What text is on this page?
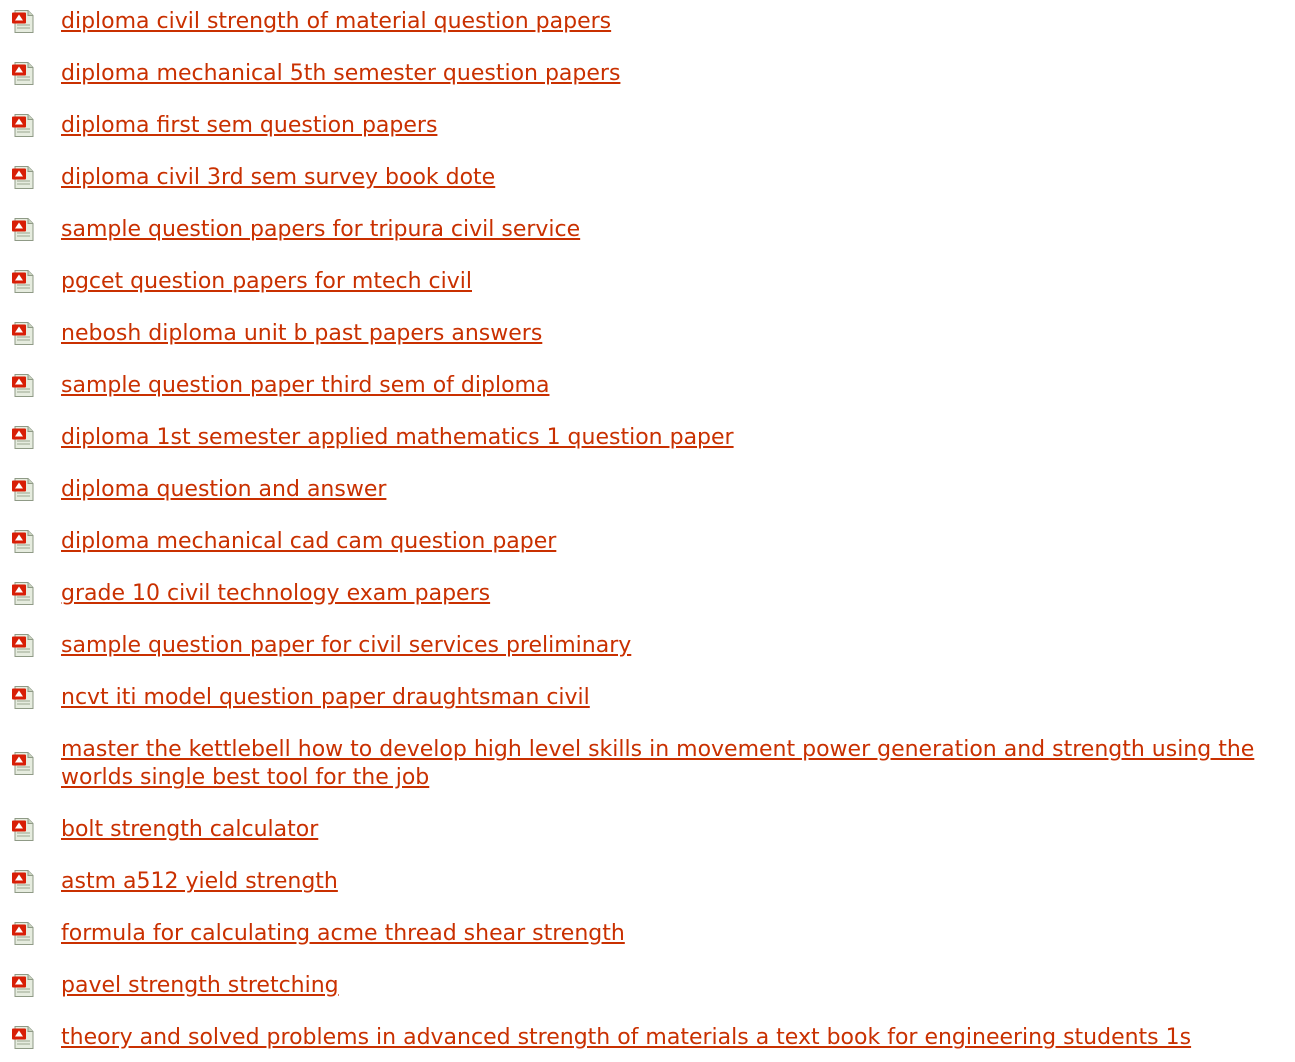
diploma civil strength of material question papers
diploma mechanical 5th semester question papers
diploma first sem question papers
diploma civil 3rd sem survey book dote
sample question papers for tripura civil service
pgcet question papers for mtech civil
nebosh diploma unit b past papers answers
sample question paper third sem of diploma
diploma 1st semester applied mathematics 1 question paper
diploma question and answer
diploma mechanical cad cam question paper
grade 10 civil technology exam papers
sample question paper for civil services preliminary
ncvt iti model question paper draughtsman civil
master the kettlebell how to develop high level skills in movement power generation and strength using the worlds single best tool for the job
bolt strength calculator
astm a512 yield strength
formula for calculating acme thread shear strength
pavel strength stretching
theory and solved problems in advanced strength of materials a text book for engineering students 1s
